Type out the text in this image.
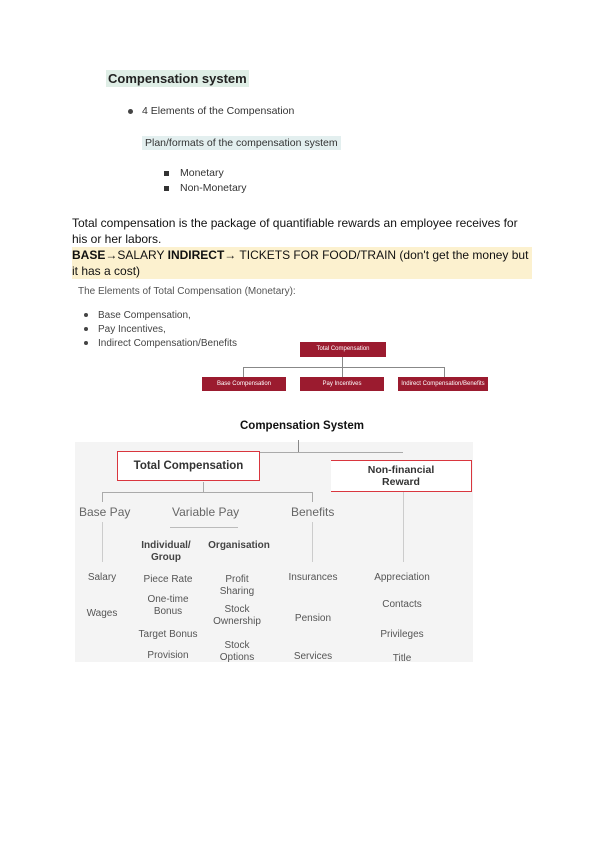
Compensation system
4 Elements of the Compensation
Plan/formats of the compensation system
Monetary
Non-Monetary
Total compensation is the package of quantifiable rewards an employee receives for his or her labors.
BASE→SALARY INDIRECT→ TICKETS FOR FOOD/TRAIN (don't get the money but it has a cost)
The Elements of Total Compensation (Monetary):
Base Compensation,
Pay Incentives,
Indirect Compensation/Benefits	Total Compensation
Base Compensation	Pay Incentives	Indirect Compensation/Benefits
Compensation System
Total Compensation	Non-financial Reward
Base Pay	Variable Pay	Benefits
Individual/ Group
Organisation
Salary
Wages
Piece Rate
One-time Bonus
Target Bonus
Provision
Profit Sharing
Stock Ownership
Stock Options
Insurances
Pension
Services
Appreciation
Contacts
Privileges
Title
